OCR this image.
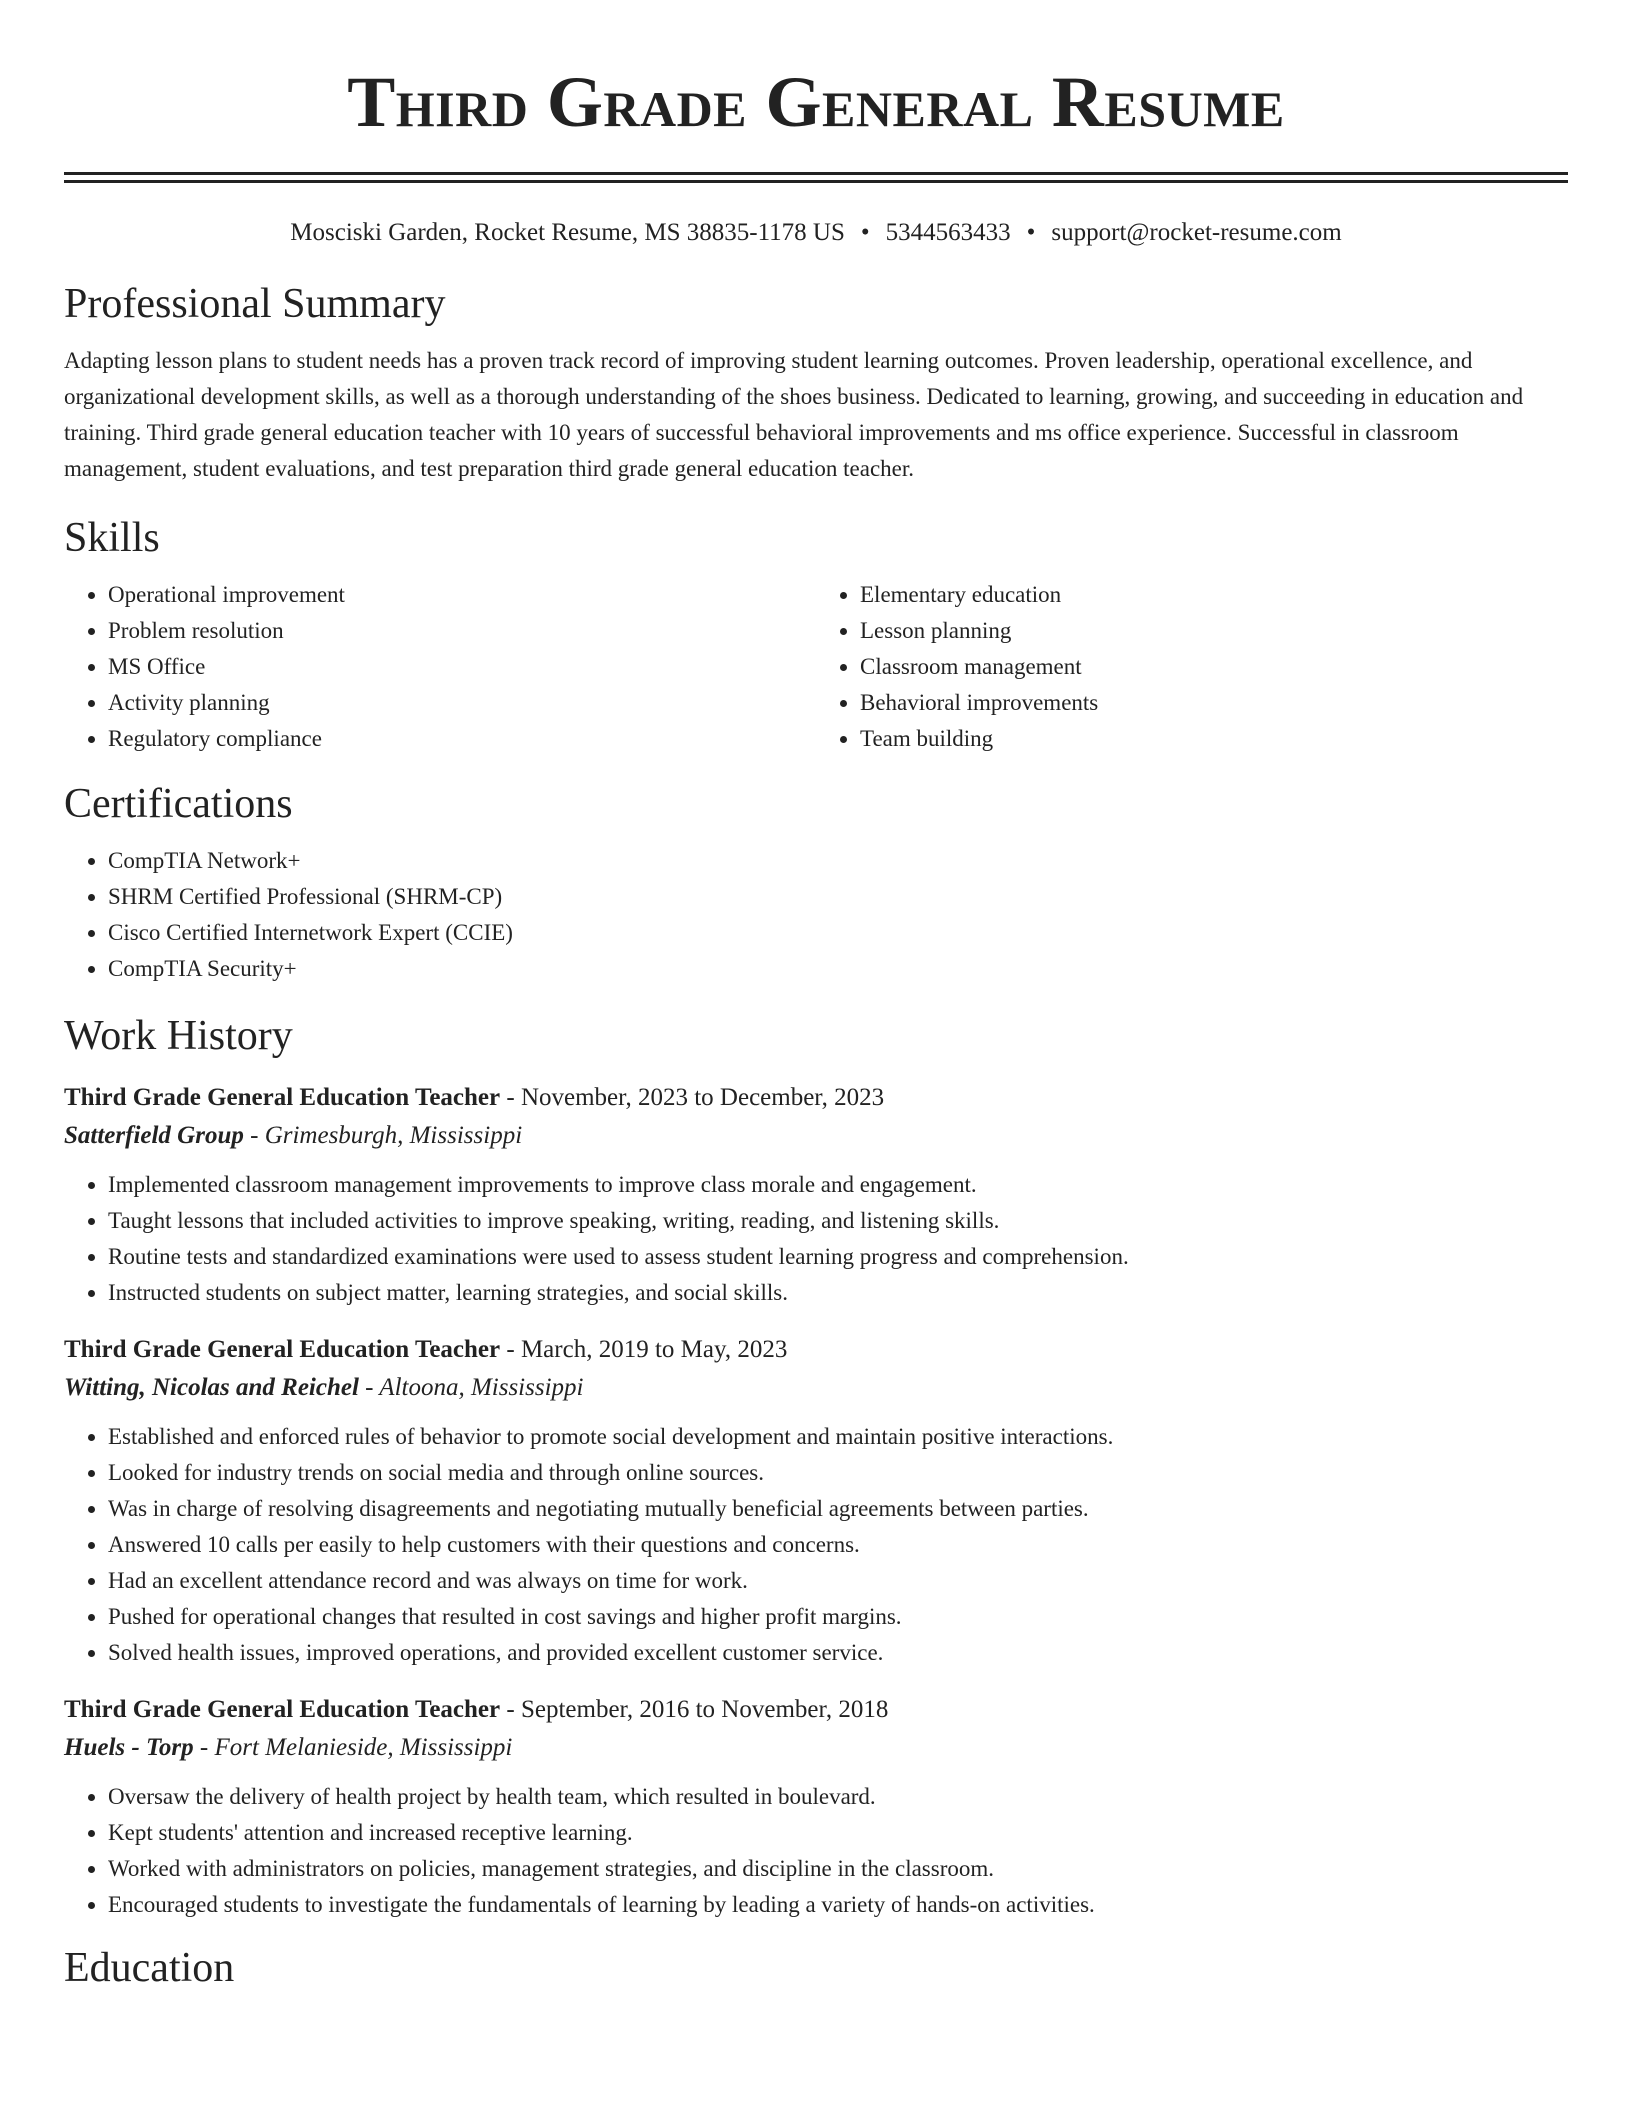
Third Grade General Resume
Mosciski Garden, Rocket Resume, MS 38835-1178 US • 5344563433 • support@rocket-resume.com
Professional Summary

Adapting lesson plans to student needs has a proven track record of improving student learning outcomes. Proven leadership, operational excellence, and organizational development skills, as well as a thorough understanding of the shoes business. Dedicated to learning, growing, and succeeding in education and training. Third grade general education teacher with 10 years of successful behavioral improvements and ms office experience. Successful in classroom management, student evaluations, and test preparation third grade general education teacher.

Skills
• Operational improvement
• Problem resolution
• MS Office
• Activity planning
• Regulatory compliance
• Elementary education
• Lesson planning
• Classroom management
• Behavioral improvements
• Team building
Certifications
• CompTIA Network+
• SHRM Certified Professional (SHRM-CP)
• Cisco Certified Internetwork Expert (CCIE)
• CompTIA Security+
Work History
Third Grade General Education Teacher - November, 2023 to December, 2023
Satterfield Group - Grimesburgh, Mississippi
• Implemented classroom management improvements to improve class morale and engagement.
• Taught lessons that included activities to improve speaking, writing, reading, and listening skills.
• Routine tests and standardized examinations were used to assess student learning progress and comprehension.
• Instructed students on subject matter, learning strategies, and social skills.
Third Grade General Education Teacher - March, 2019 to May, 2023
Witting, Nicolas and Reichel - Altoona, Mississippi
• Established and enforced rules of behavior to promote social development and maintain positive interactions.
• Looked for industry trends on social media and through online sources.
• Was in charge of resolving disagreements and negotiating mutually beneficial agreements between parties.
• Answered 10 calls per easily to help customers with their questions and concerns.
• Had an excellent attendance record and was always on time for work.
• Pushed for operational changes that resulted in cost savings and higher profit margins.
• Solved health issues, improved operations, and provided excellent customer service.
Third Grade General Education Teacher - September, 2016 to November, 2018
Huels - Torp - Fort Melanieside, Mississippi
• Oversaw the delivery of health project by health team, which resulted in boulevard.
• Kept students' attention and increased receptive learning.
• Worked with administrators on policies, management strategies, and discipline in the classroom.
• Encouraged students to investigate the fundamentals of learning by leading a variety of hands-on activities.
Education
